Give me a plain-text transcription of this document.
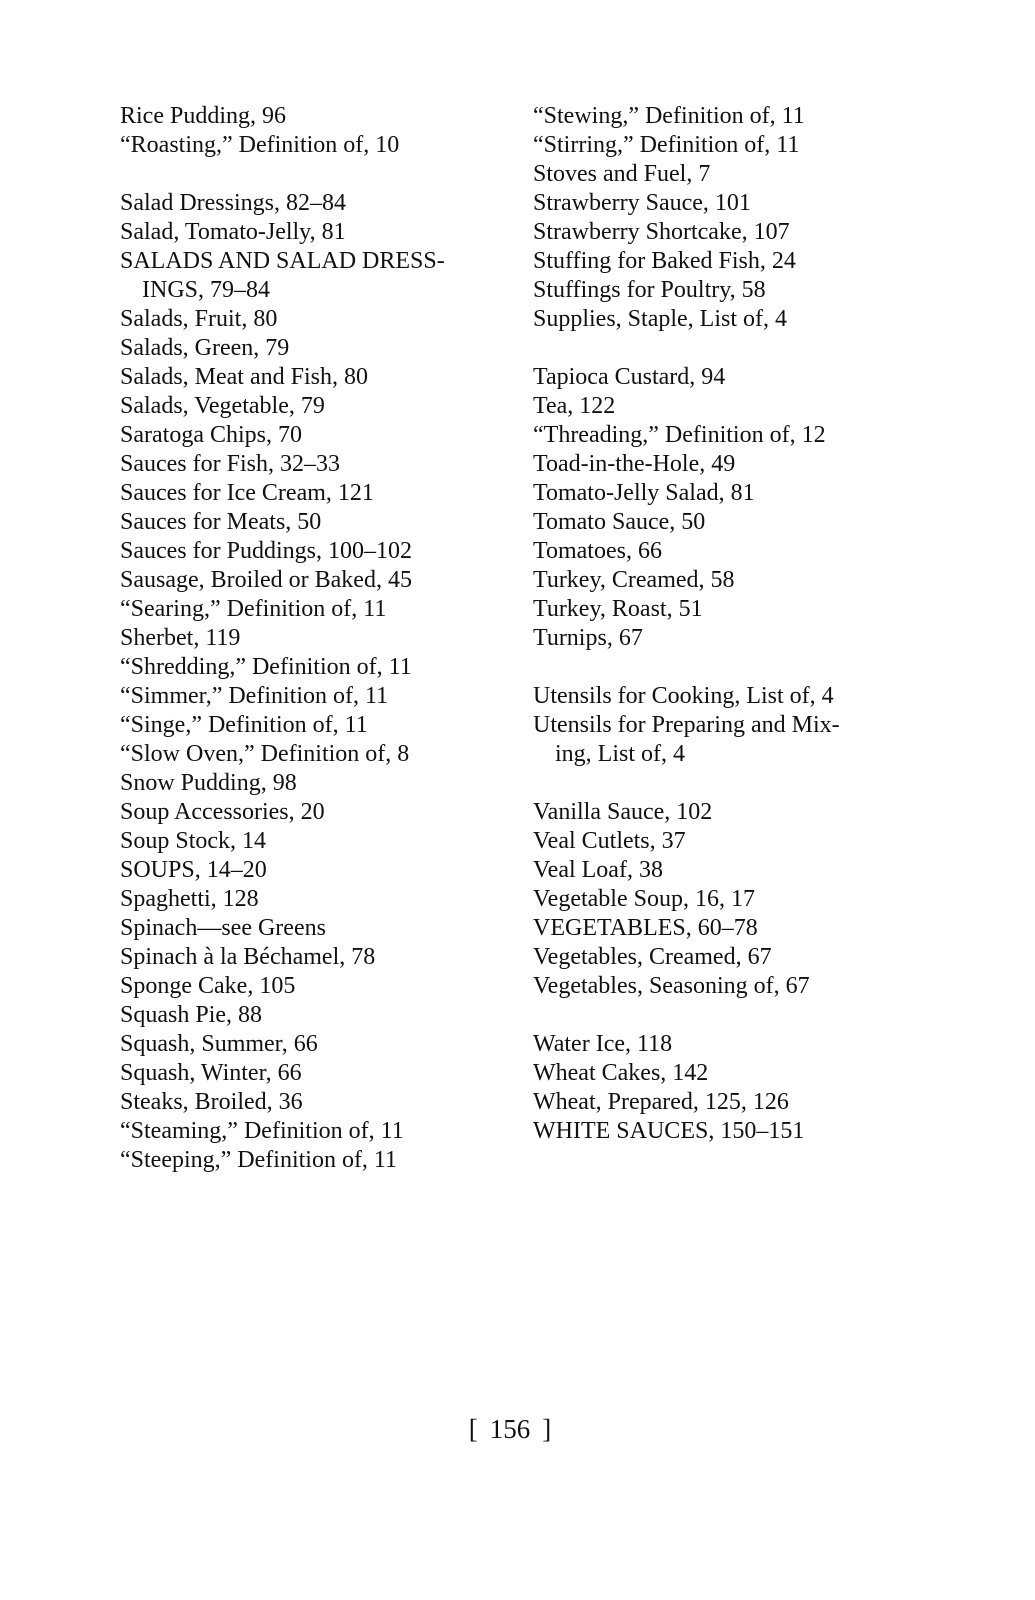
Rice Pudding, 96
“Roasting,” Definition of, 10
Salad Dressings, 82–84
Salad, Tomato-Jelly, 81
SALADS AND SALAD DRESS-
INGS, 79–84
Salads, Fruit, 80
Salads, Green, 79
Salads, Meat and Fish, 80
Salads, Vegetable, 79
Saratoga Chips, 70
Sauces for Fish, 32–33
Sauces for Ice Cream, 121
Sauces for Meats, 50
Sauces for Puddings, 100–102
Sausage, Broiled or Baked, 45
“Searing,” Definition of, 11
Sherbet, 119
“Shredding,” Definition of, 11
“Simmer,” Definition of, 11
“Singe,” Definition of, 11
“Slow Oven,” Definition of, 8
Snow Pudding, 98
Soup Accessories, 20
Soup Stock, 14
SOUPS, 14–20
Spaghetti, 128
Spinach—see Greens
Spinach à la Béchamel, 78
Sponge Cake, 105
Squash Pie, 88
Squash, Summer, 66
Squash, Winter, 66
Steaks, Broiled, 36
“Steaming,” Definition of, 11
“Steeping,” Definition of, 11
“Stewing,” Definition of, 11
“Stirring,” Definition of, 11
Stoves and Fuel, 7
Strawberry Sauce, 101
Strawberry Shortcake, 107
Stuffing for Baked Fish, 24
Stuffings for Poultry, 58
Supplies, Staple, List of, 4
Tapioca Custard, 94
Tea, 122
“Threading,” Definition of, 12
Toad-in-the-Hole, 49
Tomato-Jelly Salad, 81
Tomato Sauce, 50
Tomatoes, 66
Turkey, Creamed, 58
Turkey, Roast, 51
Turnips, 67
Utensils for Cooking, List of, 4
Utensils for Preparing and Mix-
ing, List of, 4
Vanilla Sauce, 102
Veal Cutlets, 37
Veal Loaf, 38
Vegetable Soup, 16, 17
VEGETABLES, 60–78
Vegetables, Creamed, 67
Vegetables, Seasoning of, 67
Water Ice, 118
Wheat Cakes, 142
Wheat, Prepared, 125, 126
WHITE SAUCES, 150–151
[ 156 ]
